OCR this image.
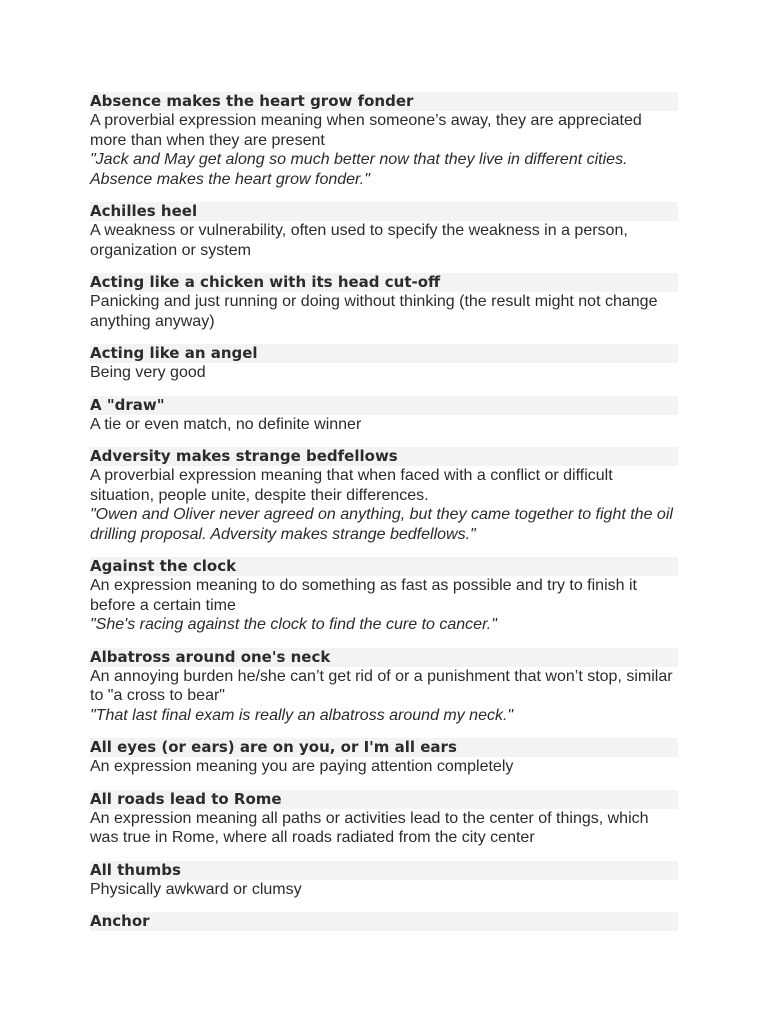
Absence makes the heart grow fonder
A proverbial expression meaning when someone’s away, they are appreciated more than when they are present
"Jack and May get along so much better now that they live in different cities. Absence makes the heart grow fonder."
Achilles heel
A weakness or vulnerability, often used to specify the weakness in a person, organization or system
Acting like a chicken with its head cut-off
Panicking and just running or doing without thinking (the result might not change anything anyway)
Acting like an angel
Being very good
A "draw"
A tie or even match, no definite winner
Adversity makes strange bedfellows
A proverbial expression meaning that when faced with a conflict or difficult situation, people unite, despite their differences.
"Owen and Oliver never agreed on anything, but they came together to fight the oil drilling proposal. Adversity makes strange bedfellows."
Against the clock
An expression meaning to do something as fast as possible and try to finish it before a certain time
"She's racing against the clock to find the cure to cancer."
Albatross around one's neck
An annoying burden he/she can’t get rid of or a punishment that won’t stop, similar to "a cross to bear"
"That last final exam is really an albatross around my neck."
All eyes (or ears) are on you, or I'm all ears
An expression meaning you are paying attention completely
All roads lead to Rome
An expression meaning all paths or activities lead to the center of things, which was true in Rome, where all roads radiated from the city center
All thumbs
Physically awkward or clumsy
Anchor
